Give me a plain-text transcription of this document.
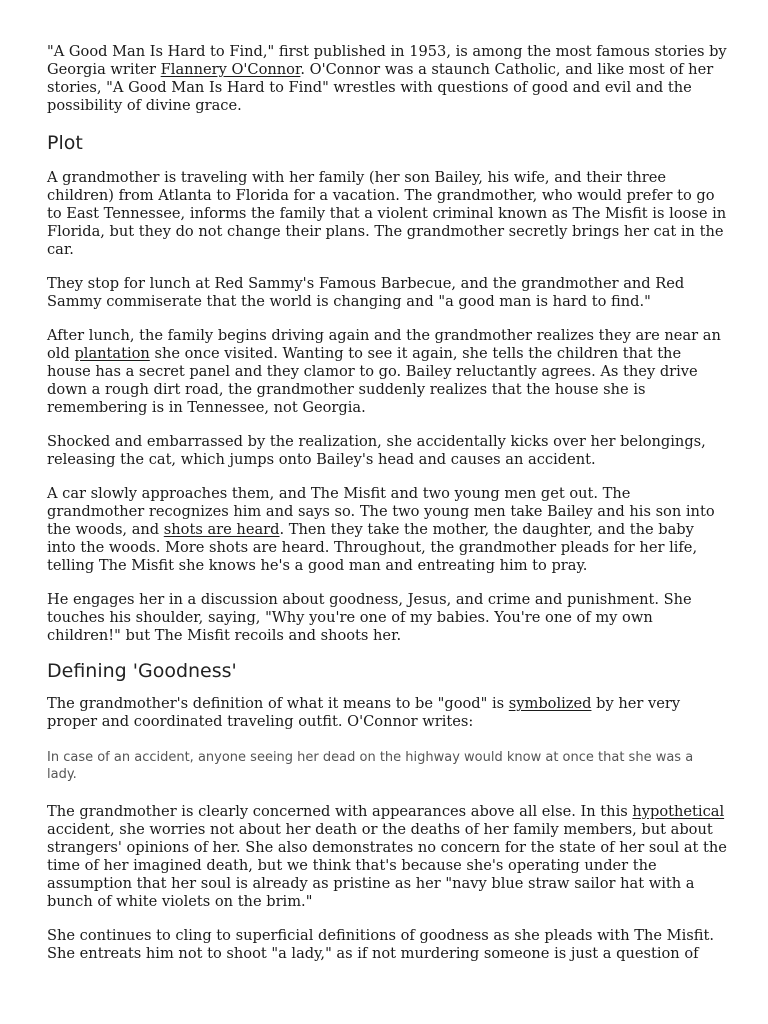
"A Good Man Is Hard to Find," first published in 1953, is among the most famous stories by Georgia writer Flannery O'Connor. O'Connor was a staunch Catholic, and like most of her stories, "A Good Man Is Hard to Find" wrestles with questions of good and evil and the possibility of divine grace.

Plot

A grandmother is traveling with her family (her son Bailey, his wife, and their three children) from Atlanta to Florida for a vacation. The grandmother, who would prefer to go to East Tennessee, informs the family that a violent criminal known as The Misfit is loose in Florida, but they do not change their plans. The grandmother secretly brings her cat in the car.

They stop for lunch at Red Sammy's Famous Barbecue, and the grandmother and Red Sammy commiserate that the world is changing and "a good man is hard to find."

After lunch, the family begins driving again and the grandmother realizes they are near an old plantation she once visited. Wanting to see it again, she tells the children that the house has a secret panel and they clamor to go. Bailey reluctantly agrees. As they drive down a rough dirt road, the grandmother suddenly realizes that the house she is remembering is in Tennessee, not Georgia.

Shocked and embarrassed by the realization, she accidentally kicks over her belongings, releasing the cat, which jumps onto Bailey's head and causes an accident.

A car slowly approaches them, and The Misfit and two young men get out. The grandmother recognizes him and says so. The two young men take Bailey and his son into the woods, and shots are heard. Then they take the mother, the daughter, and the baby into the woods. More shots are heard. Throughout, the grandmother pleads for her life, telling The Misfit she knows he's a good man and entreating him to pray.

He engages her in a discussion about goodness, Jesus, and crime and punishment. She touches his shoulder, saying, "Why you're one of my babies. You're one of my own children!" but The Misfit recoils and shoots her.

Defining 'Goodness'

The grandmother's definition of what it means to be "good" is symbolized by her very proper and coordinated traveling outfit. O'Connor writes:

In case of an accident, anyone seeing her dead on the highway would know at once that she was a lady.

The grandmother is clearly concerned with appearances above all else. In this hypothetical accident, she worries not about her death or the deaths of her family members, but about strangers' opinions of her. She also demonstrates no concern for the state of her soul at the time of her imagined death, but we think that's because she's operating under the assumption that her soul is already as pristine as her "navy blue straw sailor hat with a bunch of white violets on the brim."

She continues to cling to superficial definitions of goodness as she pleads with The Misfit. She entreats him not to shoot "a lady," as if not murdering someone is just a question of
